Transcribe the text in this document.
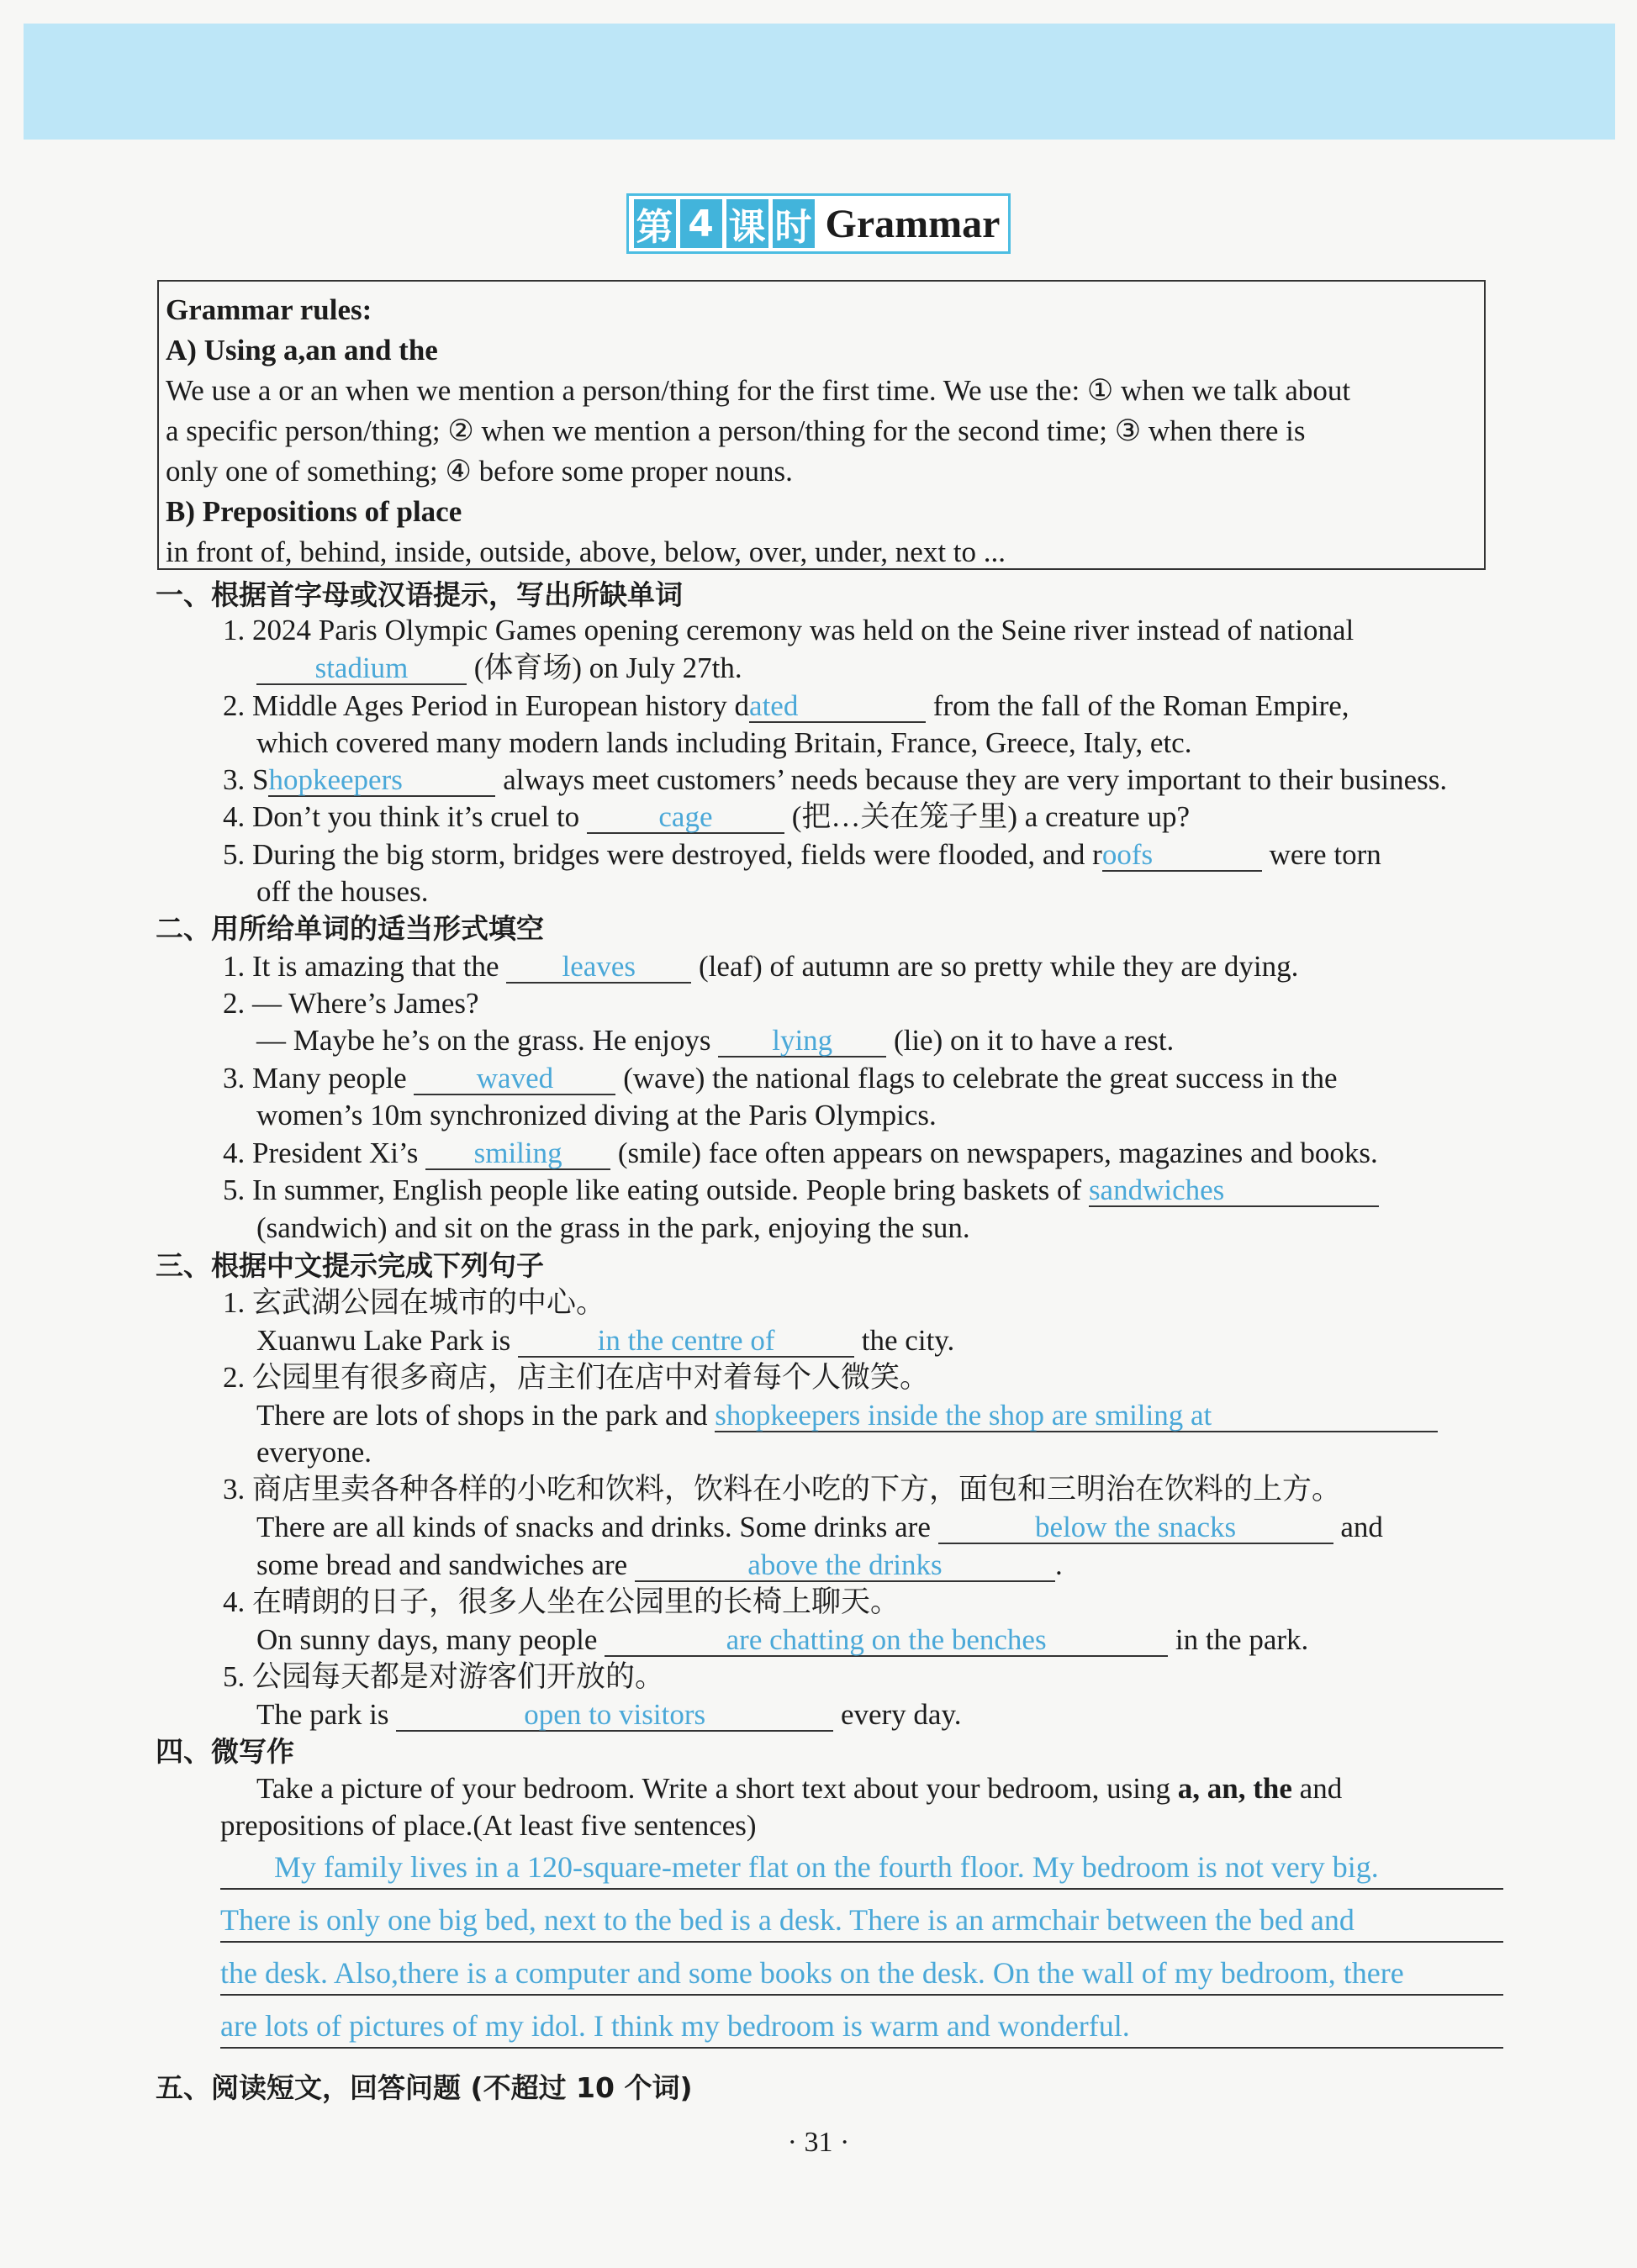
第 4 课 时 Grammar
Grammar rules:
A) Using a,an and the
We use a or an when we mention a person/thing for the first time. We use the: ① when we talk about
a specific person/thing; ② when we mention a person/thing for the second time; ③ when there is
only one of something; ④ before some proper nouns.
B) Prepositions of place
in front of, behind, inside, outside, above, below, over, under, next to ...
一、根据首字母或汉语提示，写出所缺单词
1. 2024 Paris Olympic Games opening ceremony was held on the Seine river instead of national
stadium (体育场) on July 27th.
2. Middle Ages Period in European history dated	from the fall of the Roman Empire,
which covered many modern lands including Britain, France, Greece, Italy, etc.
3. Shopkeepers	always meet customers’ needs because they are very important to their business.
4. Don’t you think it’s cruel to	cage	(把…关在笼子里) a creature up?
5. During the big storm, bridges were destroyed, fields were flooded, and roofs	were torn
off the houses.
二、用所给单词的适当形式填空
1. It is amazing that the leaves (leaf) of autumn are so pretty while they are dying.
2. — Where’s James?
— Maybe he’s on the grass. He enjoys lying (lie) on it to have a rest.
3. Many people waved (wave) the national flags to celebrate the great success in the
women’s 10m synchronized diving at the Paris Olympics.
4. President Xi’s smiling (smile) face often appears on newspapers, magazines and books.
5. In summer, English people like eating outside. People bring baskets of sandwiches
(sandwich) and sit on the grass in the park, enjoying the sun.
三、根据中文提示完成下列句子
1. 玄武湖公园在城市的中心。
Xuanwu Lake Park is	in the centre of	the city.
2. 公园里有很多商店，店主们在店中对着每个人微笑。
There are lots of shops in the park and shopkeepers inside the shop are smiling at
everyone.
3. 商店里卖各种各样的小吃和饮料，饮料在小吃的下方，面包和三明治在饮料的上方。
There are all kinds of snacks and drinks. Some drinks are	below the snacks	and
some bread and sandwiches are	above the drinks	.
4. 在晴朗的日子，很多人坐在公园里的长椅上聊天。
On sunny days, many people	are chatting on the benches	in the park.
5. 公园每天都是对游客们开放的。
The park is	open to visitors	every day.
四、微写作
Take a picture of your bedroom. Write a short text about your bedroom, using a, an, the and
prepositions of place.(At least five sentences)
My family lives in a 120-square-meter flat on the fourth floor. My bedroom is not very big.
There is only one big bed, next to the bed is a desk. There is an armchair between the bed and
the desk. Also,there is a computer and some books on the desk. On the wall of my bedroom, there
are lots of pictures of my idol. I think my bedroom is warm and wonderful.
五、阅读短文，回答问题 (不超过 10 个词)
· 31 ·
